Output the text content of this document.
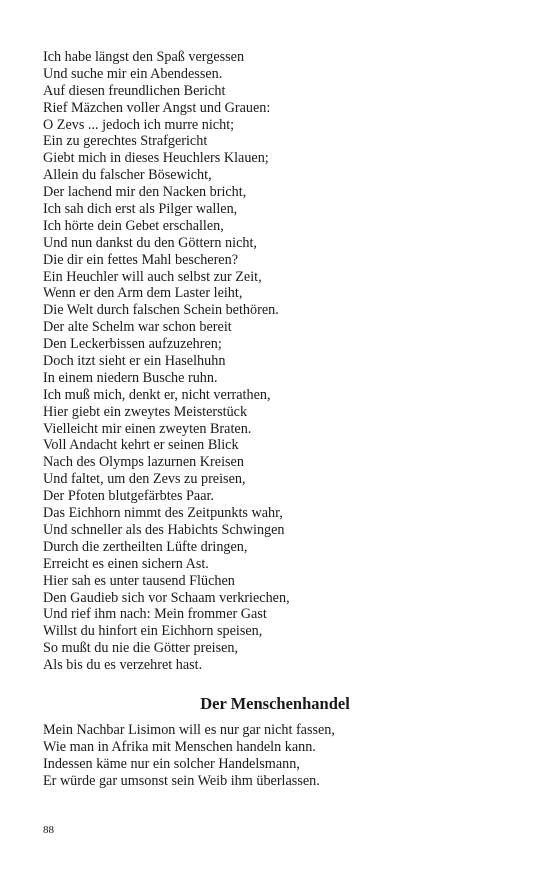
Ich habe längst den Spaß vergessen
Und suche mir ein Abendessen.
Auf diesen freundlichen Bericht
Rief Mäzchen voller Angst und Grauen:
O Zevs ... jedoch ich murre nicht;
Ein zu gerechtes Strafgericht
Giebt mich in dieses Heuchlers Klauen;
Allein du falscher Bösewicht,
Der lachend mir den Nacken bricht,
Ich sah dich erst als Pilger wallen,
Ich hörte dein Gebet erschallen,
Und nun dankst du den Göttern nicht,
Die dir ein fettes Mahl bescheren?
Ein Heuchler will auch selbst zur Zeit,
Wenn er den Arm dem Laster leiht,
Die Welt durch falschen Schein bethören.
Der alte Schelm war schon bereit
Den Leckerbissen aufzuzehren;
Doch itzt sieht er ein Haselhuhn
In einem niedern Busche ruhn.
Ich muß mich, denkt er, nicht verrathen,
Hier giebt ein zweytes Meisterstück
Vielleicht mir einen zweyten Braten.
Voll Andacht kehrt er seinen Blick
Nach des Olymps lazurnen Kreisen
Und faltet, um den Zevs zu preisen,
Der Pfoten blutgefärbtes Paar.
Das Eichhorn nimmt des Zeitpunkts wahr,
Und schneller als des Habichts Schwingen
Durch die zertheilten Lüfte dringen,
Erreicht es einen sichern Ast.
Hier sah es unter tausend Flüchen
Den Gaudieb sich vor Schaam verkriechen,
Und rief ihm nach: Mein frommer Gast
Willst du hinfort ein Eichhorn speisen,
So mußt du nie die Götter preisen,
Als bis du es verzehret hast.
Der Menschenhandel
Mein Nachbar Lisimon will es nur gar nicht fassen,
Wie man in Afrika mit Menschen handeln kann.
Indessen käme nur ein solcher Handelsmann,
Er würde gar umsonst sein Weib ihm überlassen.
88
